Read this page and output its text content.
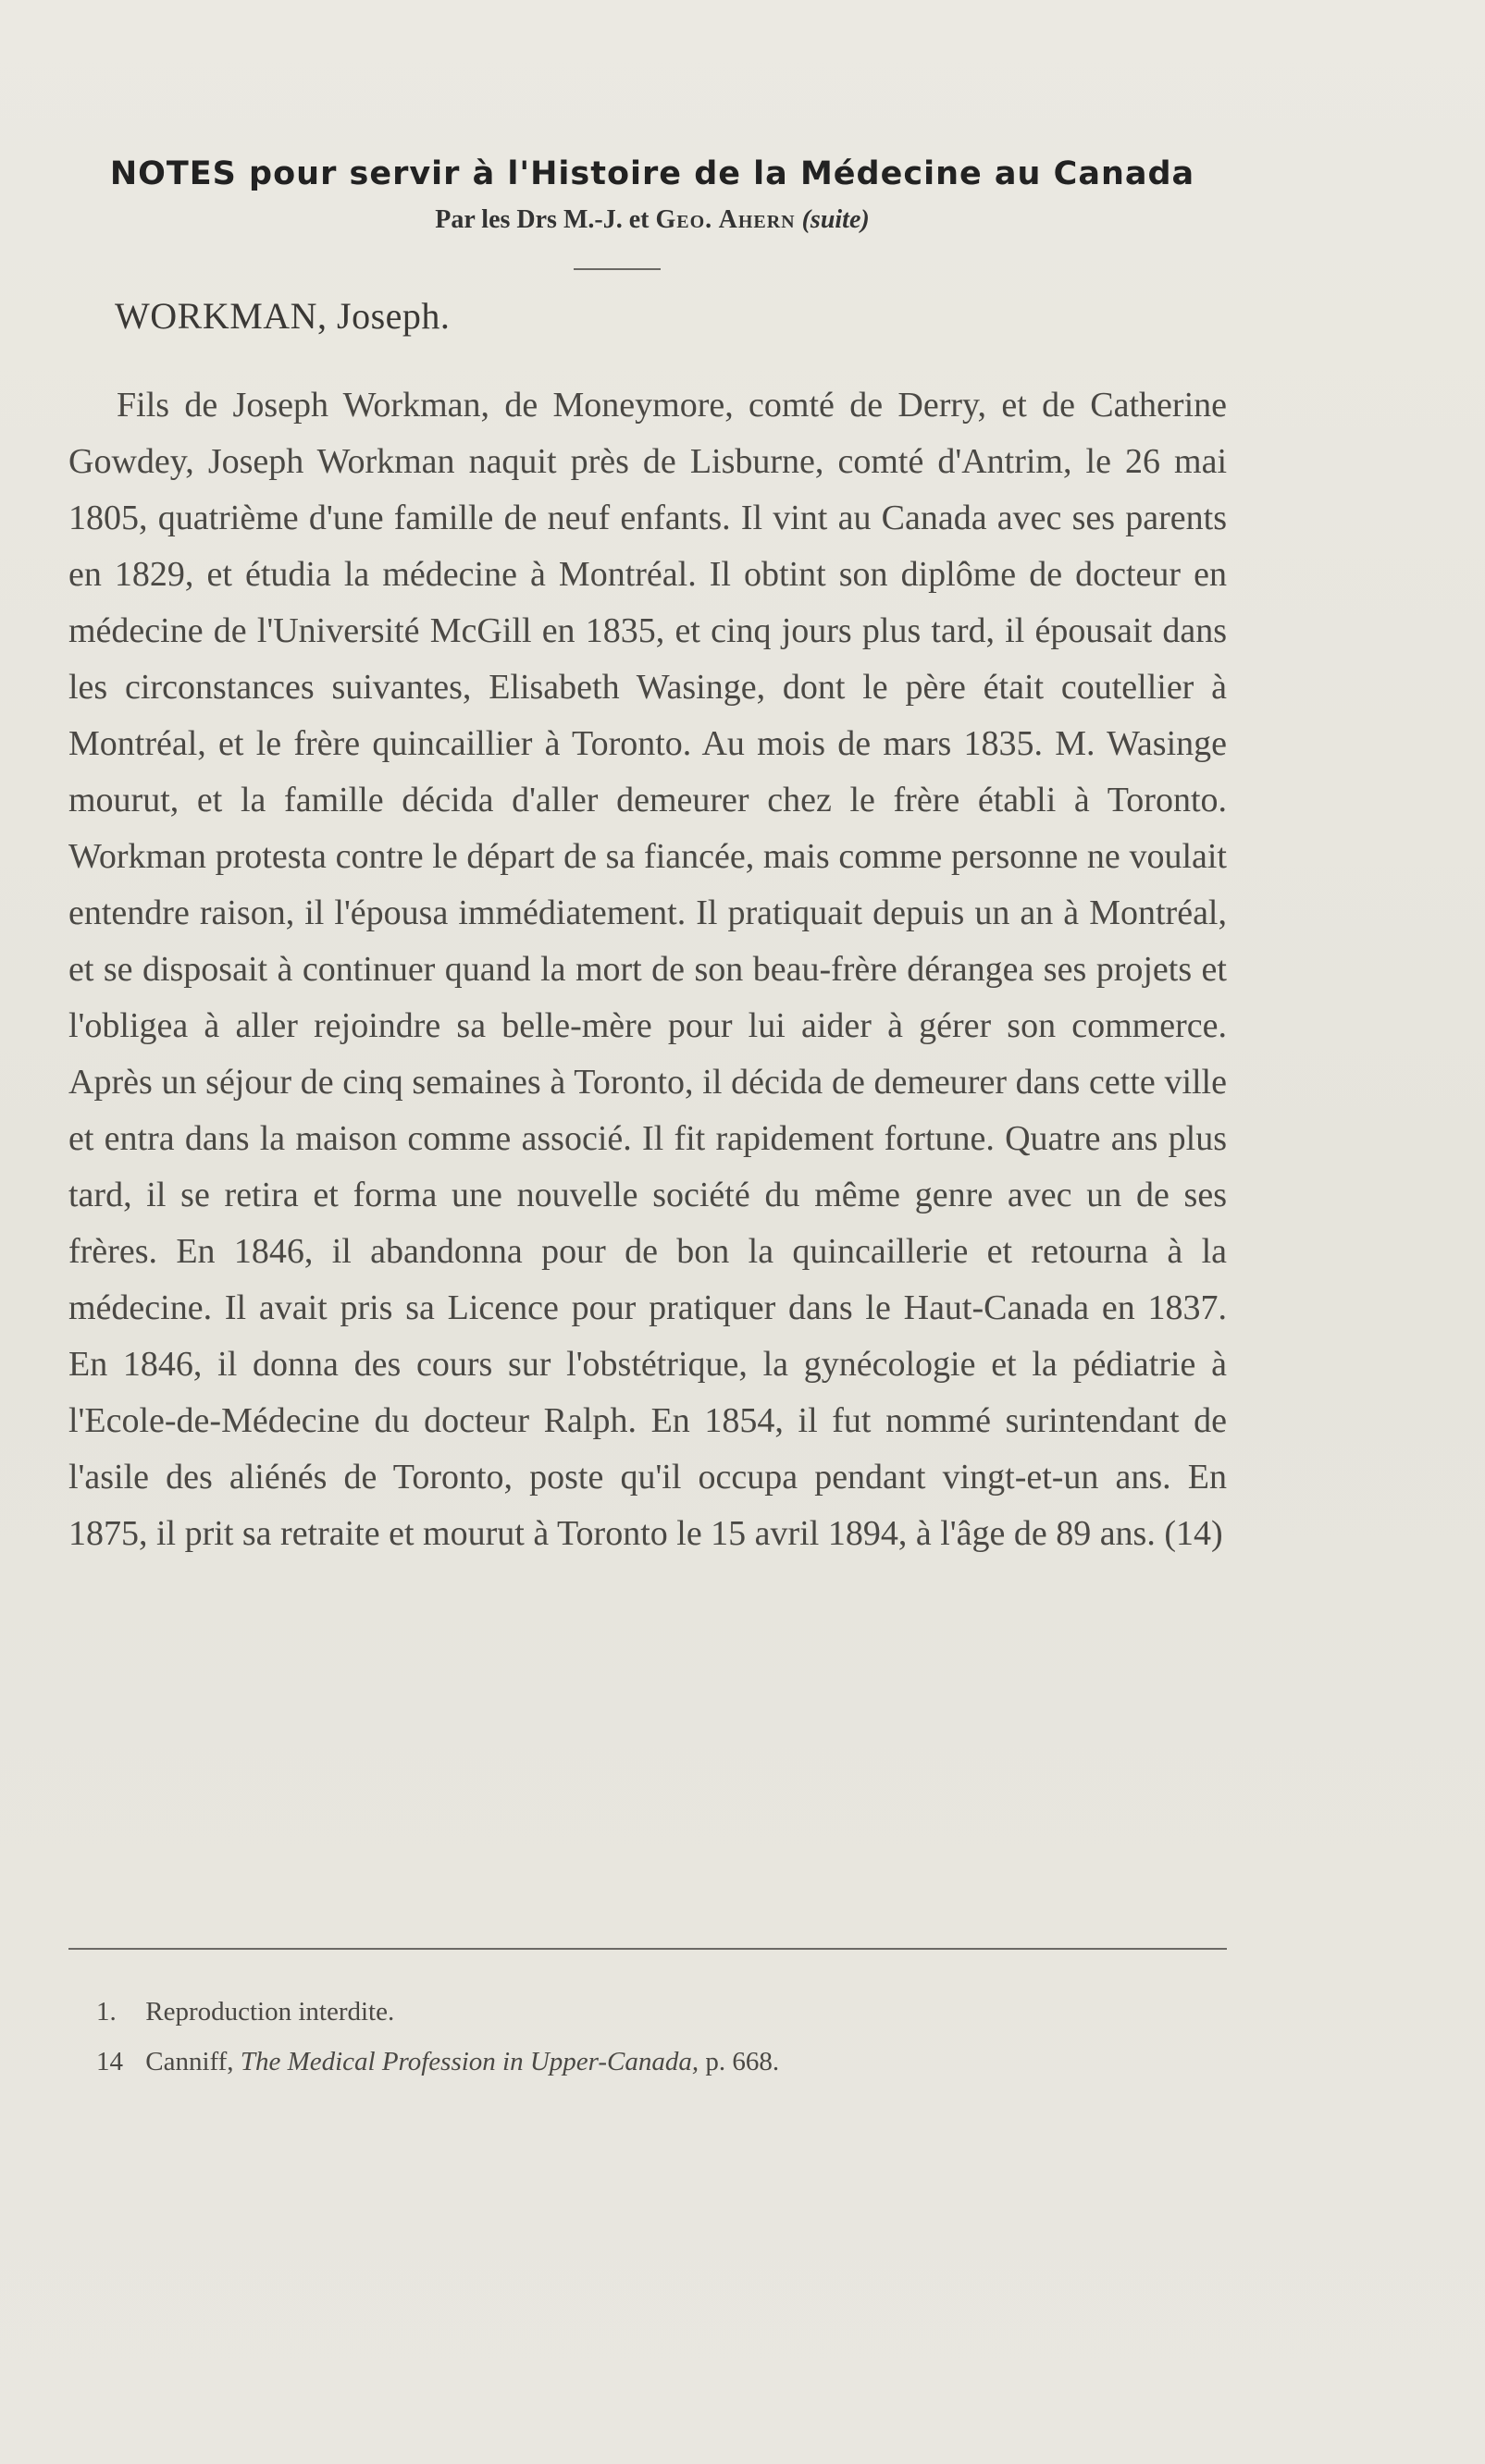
NOTES pour servir à l'Histoire de la Médecine au Canada
Par les Drs M.-J. et Geo. Ahern (suite)
WORKMAN, Joseph.

Fils de Joseph Workman, de Moneymore, comté de Derry, et de Catherine Gowdey, Joseph Workman naquit près de Lisburne, comté d'Antrim, le 26 mai 1805, quatrième d'une famille de neuf enfants. Il vint au Canada avec ses parents en 1829, et étudia la médecine à Montréal. Il obtint son diplôme de docteur en médecine de l'Université McGill en 1835, et cinq jours plus tard, il épousait dans les circonstances suivantes, Elisabeth Wasinge, dont le père était coutellier à Montréal, et le frère quincaillier à Toronto. Au mois de mars 1835. M. Wasinge mourut, et la famille décida d'aller demeurer chez le frère établi à Toronto. Workman protesta contre le départ de sa fiancée, mais comme personne ne voulait entendre raison, il l'épousa immédiatement. Il pratiquait depuis un an à Montréal, et se disposait à continuer quand la mort de son beau-frère dérangea ses projets et l'obligea à aller rejoindre sa belle-mère pour lui aider à gérer son commerce. Après un séjour de cinq semaines à Toronto, il décida de demeurer dans cette ville et entra dans la maison comme associé. Il fit rapidement fortune. Quatre ans plus tard, il se retira et forma une nouvelle société du même genre avec un de ses frères. En 1846, il abandonna pour de bon la quincaillerie et retourna à la médecine. Il avait pris sa Licence pour pratiquer dans le Haut-Canada en 1837. En 1846, il donna des cours sur l'obstétrique, la gynécologie et la pédiatrie à l'Ecole-de-Médecine du docteur Ralph. En 1854, il fut nommé surintendant de l'asile des aliénés de Toronto, poste qu'il occupa pendant vingt-et-un ans. En 1875, il prit sa retraite et mourut à Toronto le 15 avril 1894, à l'âge de 89 ans. (14)

1. Reproduction interdite.
14 Canniff, The Medical Profession in Upper-Canada, p. 668.
